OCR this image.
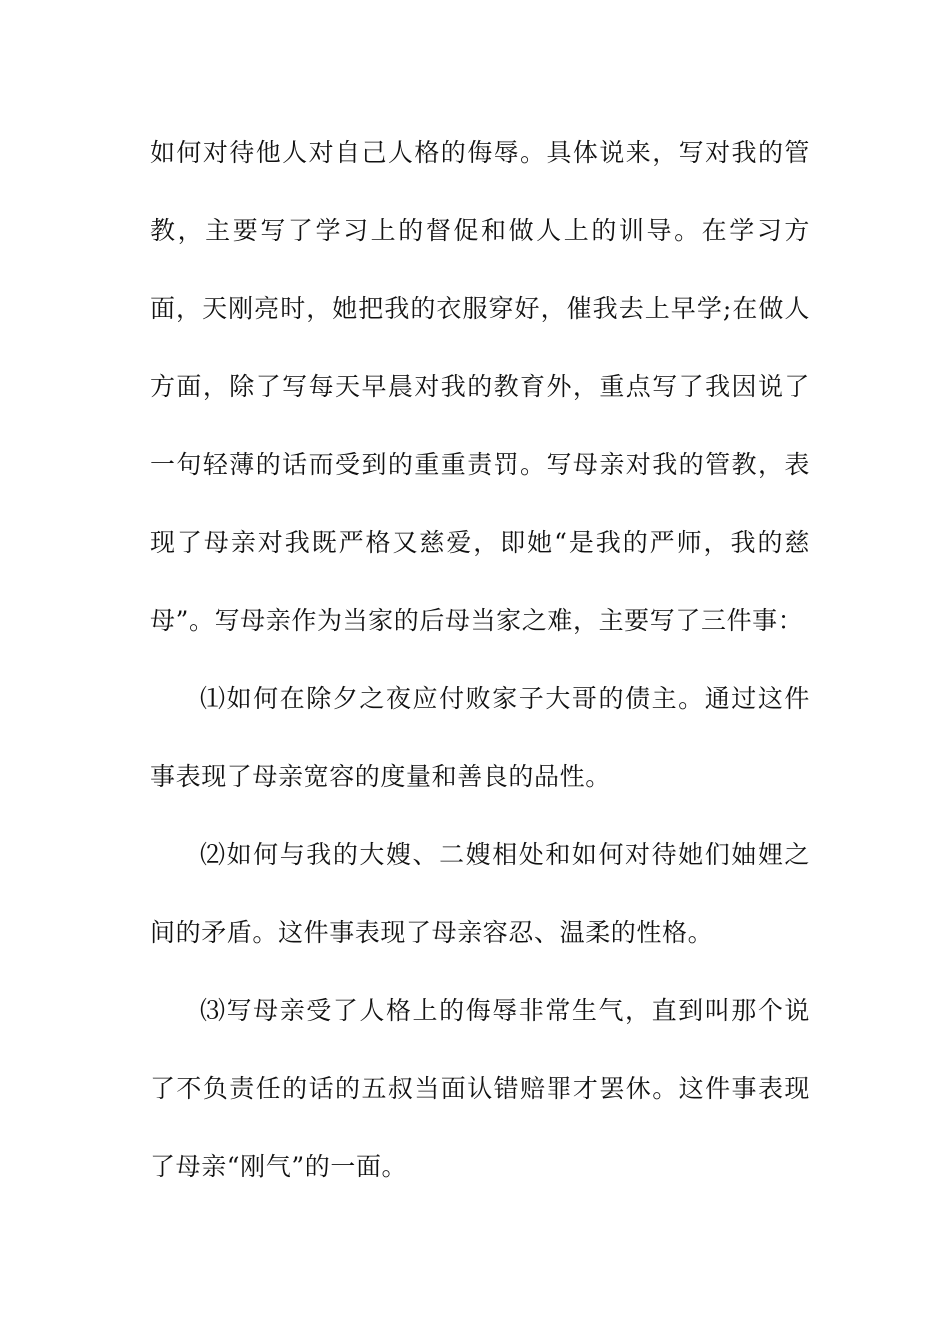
如何对待他人对自己人格的侮辱。具体说来，写对我的管教，主要写了学习上的督促和做人上的训导。在学习方面，天刚亮时，她把我的衣服穿好，催我去上早学;在做人方面，除了写每天早晨对我的教育外，重点写了我因说了一句轻薄的话而受到的重重责罚。写母亲对我的管教，表现了母亲对我既严格又慈爱，即她“是我的严师，我的慈母”。写母亲作为当家的后母当家之难，主要写了三件事：

⑴如何在除夕之夜应付败家子大哥的债主。通过这件事表现了母亲宽容的度量和善良的品性。

⑵如何与我的大嫂、二嫂相处和如何对待她们妯娌之间的矛盾。这件事表现了母亲容忍、温柔的性格。

⑶写母亲受了人格上的侮辱非常生气，直到叫那个说了不负责任的话的五叔当面认错赔罪才罢休。这件事表现了母亲“刚气”的一面。
